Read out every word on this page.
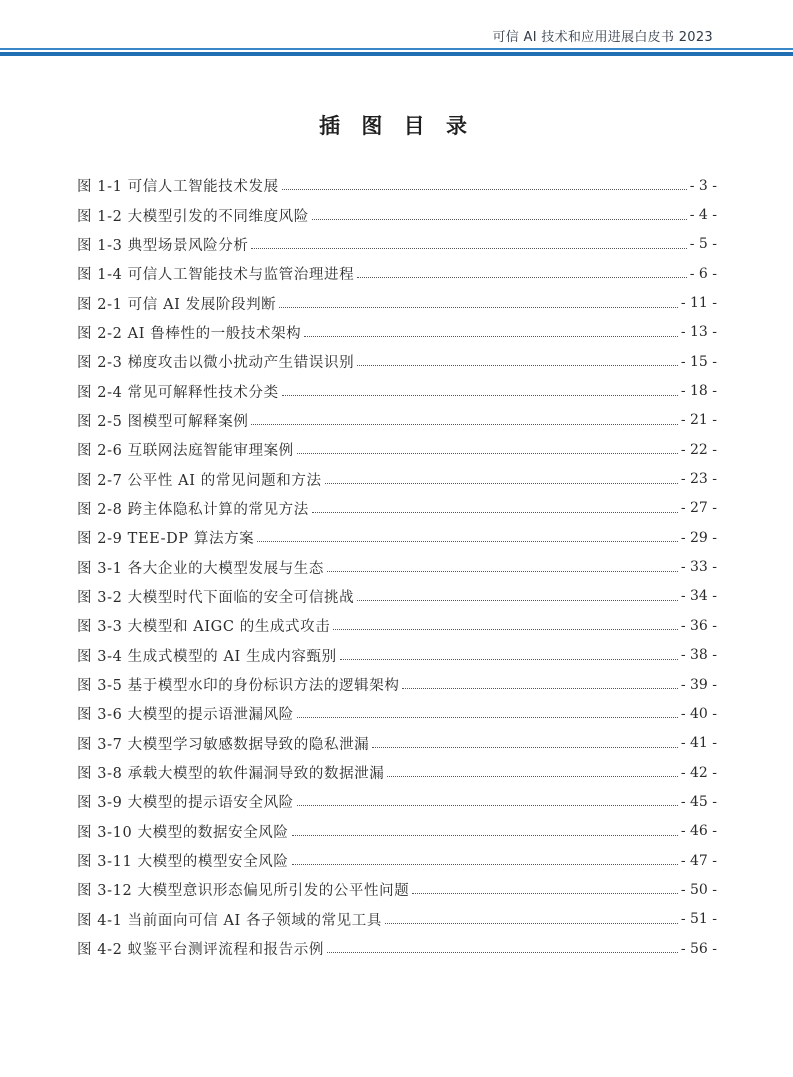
可信 AI 技术和应用进展白皮书 2023
插 图 目 录
图 1-1 可信人工智能技术发展	- 3 -
图 1-2 大模型引发的不同维度风险	- 4 -
图 1-3 典型场景风险分析	- 5 -
图 1-4 可信人工智能技术与监管治理进程	- 6 -
图 2-1 可信 AI 发展阶段判断	- 11 -
图 2-2 AI 鲁棒性的一般技术架构	- 13 -
图 2-3 梯度攻击以微小扰动产生错误识别	- 15 -
图 2-4 常见可解释性技术分类	- 18 -
图 2-5 图模型可解释案例	- 21 -
图 2-6 互联网法庭智能审理案例	- 22 -
图 2-7 公平性 AI 的常见问题和方法	- 23 -
图 2-8 跨主体隐私计算的常见方法	- 27 -
图 2-9 TEE-DP 算法方案	- 29 -
图 3-1 各大企业的大模型发展与生态	- 33 -
图 3-2 大模型时代下面临的安全可信挑战	- 34 -
图 3-3 大模型和 AIGC 的生成式攻击	- 36 -
图 3-4 生成式模型的 AI 生成内容甄别	- 38 -
图 3-5 基于模型水印的身份标识方法的逻辑架构	- 39 -
图 3-6 大模型的提示语泄漏风险	- 40 -
图 3-7 大模型学习敏感数据导致的隐私泄漏	- 41 -
图 3-8 承载大模型的软件漏洞导致的数据泄漏	- 42 -
图 3-9 大模型的提示语安全风险	- 45 -
图 3-10 大模型的数据安全风险	- 46 -
图 3-11 大模型的模型安全风险	- 47 -
图 3-12 大模型意识形态偏见所引发的公平性问题	- 50 -
图 4-1 当前面向可信 AI 各子领域的常见工具	- 51 -
图 4-2 蚁鉴平台测评流程和报告示例	- 56 -
